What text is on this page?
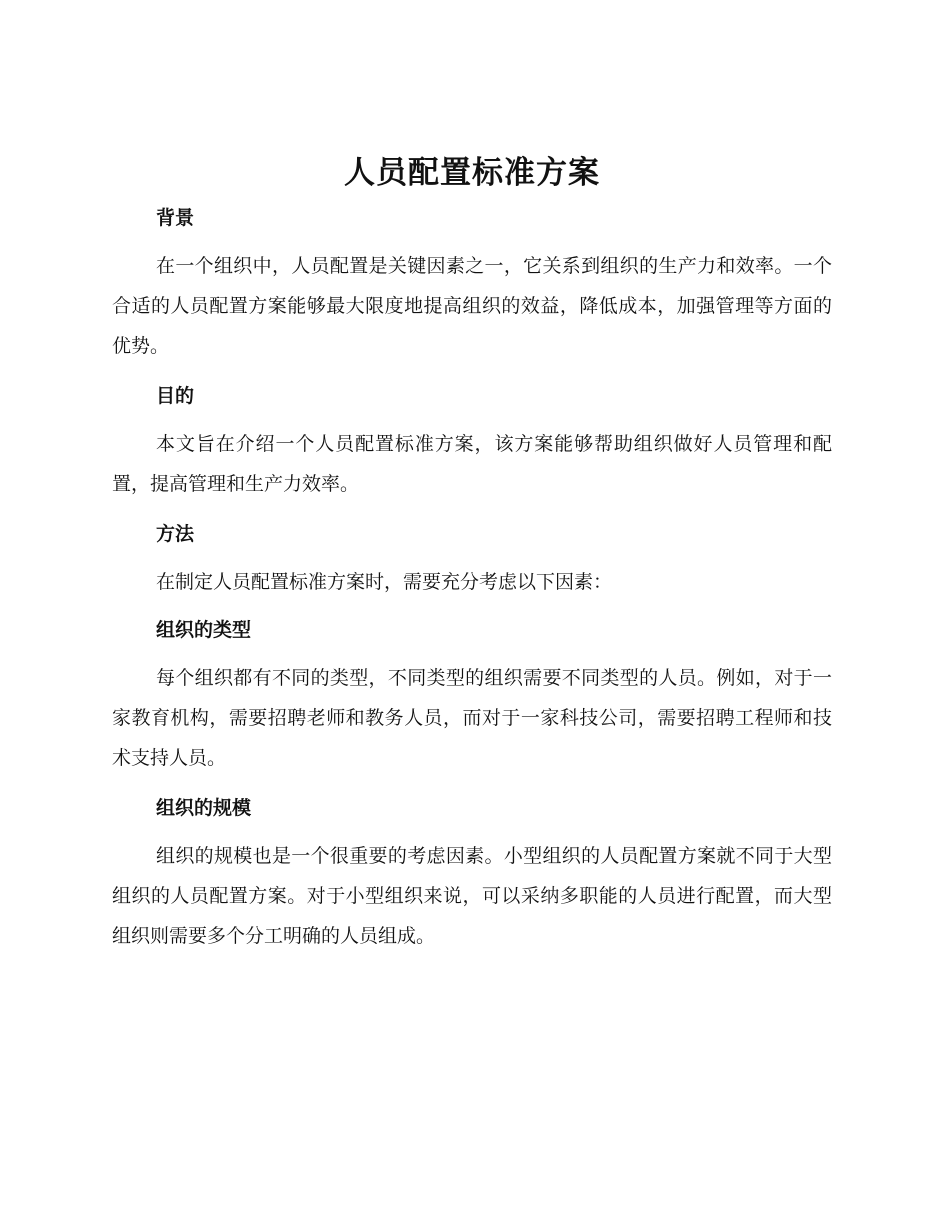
人员配置标准方案
背景

在一个组织中，人员配置是关键因素之一，它关系到组织的生产力和效率。一个合适的人员配置方案能够最大限度地提高组织的效益，降低成本，加强管理等方面的优势。

目的

本文旨在介绍一个人员配置标准方案，该方案能够帮助组织做好人员管理和配置，提高管理和生产力效率。

方法

在制定人员配置标准方案时，需要充分考虑以下因素：

组织的类型

每个组织都有不同的类型，不同类型的组织需要不同类型的人员。例如，对于一家教育机构，需要招聘老师和教务人员，而对于一家科技公司，需要招聘工程师和技术支持人员。

组织的规模

组织的规模也是一个很重要的考虑因素。小型组织的人员配置方案就不同于大型组织的人员配置方案。对于小型组织来说，可以采纳多职能的人员进行配置，而大型组织则需要多个分工明确的人员组成。
